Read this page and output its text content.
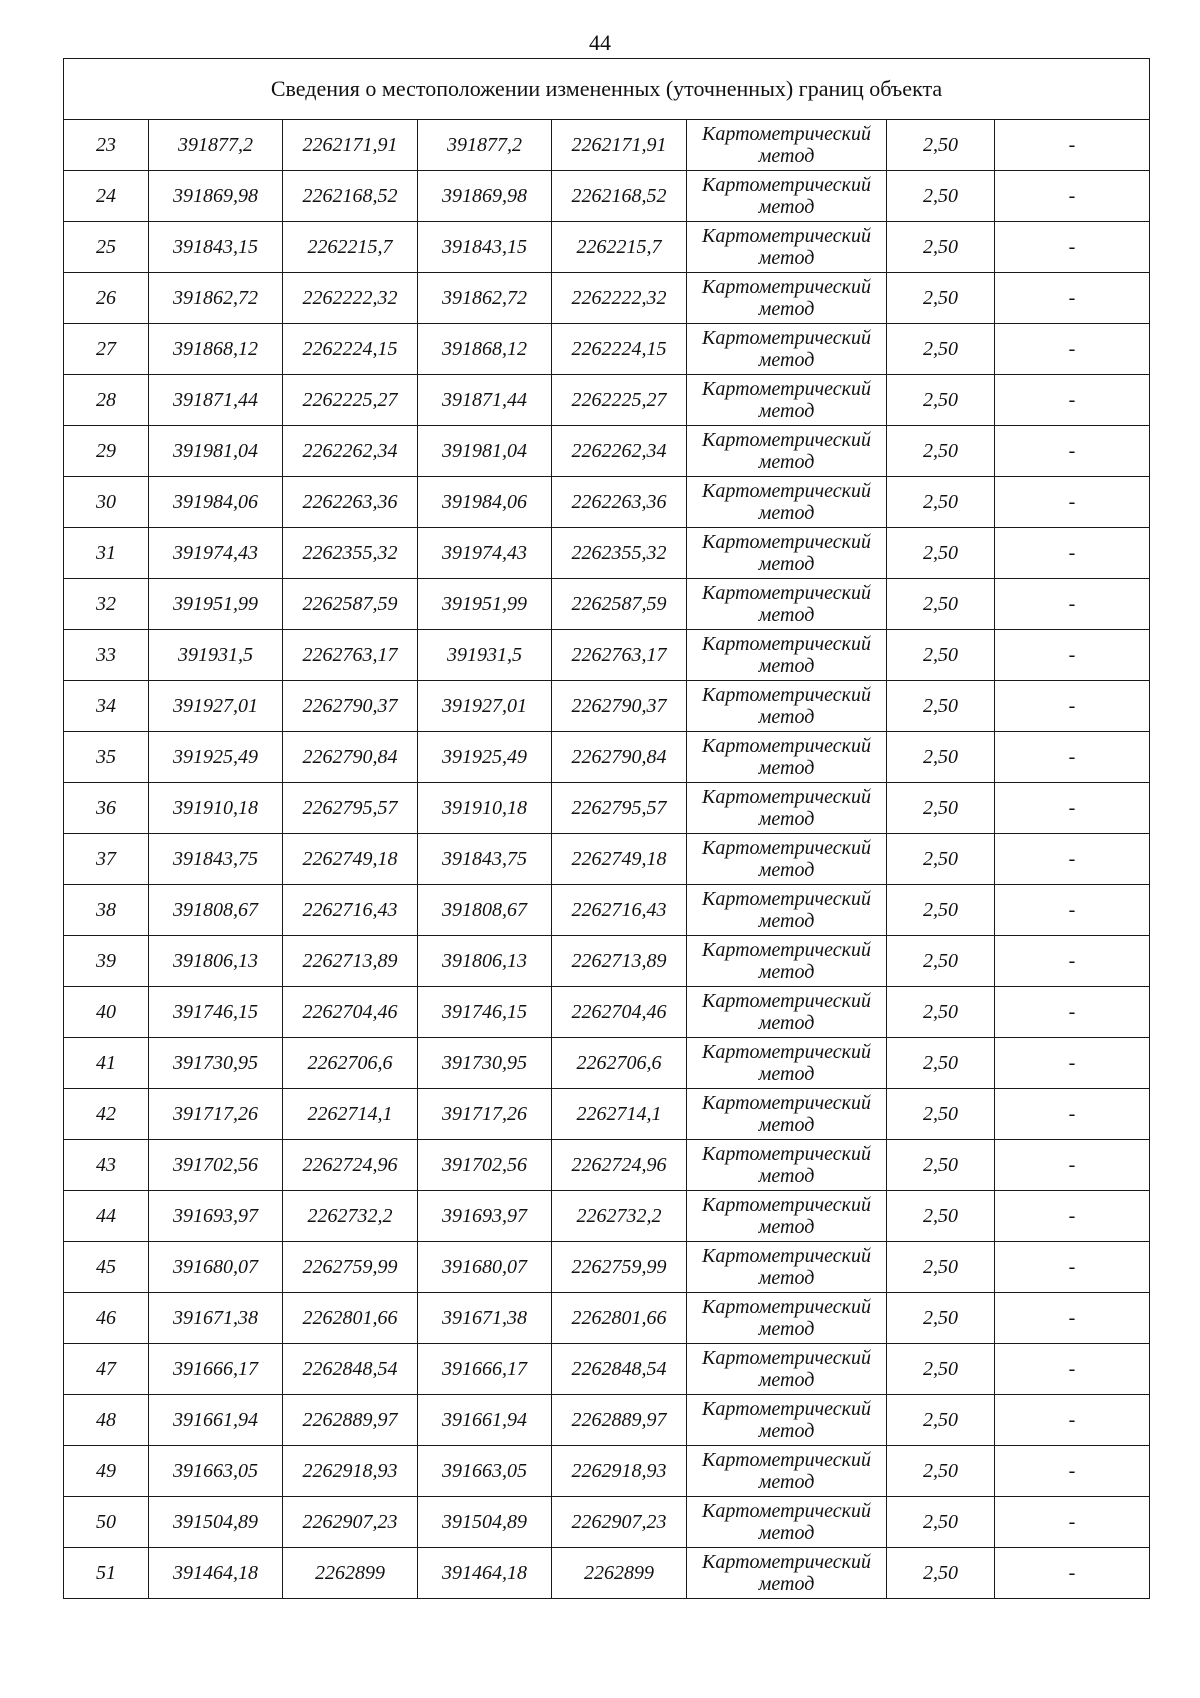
44
Сведения о местоположении измененных (уточненных) границ объекта							
23	391877,2	2262171,91	391877,2	2262171,91	Картометрический
метод	2,50	-
24	391869,98	2262168,52	391869,98	2262168,52	Картометрический
метод	2,50	-
25	391843,15	2262215,7	391843,15	2262215,7	Картометрический
метод	2,50	-
26	391862,72	2262222,32	391862,72	2262222,32	Картометрический
метод	2,50	-
27	391868,12	2262224,15	391868,12	2262224,15	Картометрический
метод	2,50	-
28	391871,44	2262225,27	391871,44	2262225,27	Картометрический
метод	2,50	-
29	391981,04	2262262,34	391981,04	2262262,34	Картометрический
метод	2,50	-
30	391984,06	2262263,36	391984,06	2262263,36	Картометрический
метод	2,50	-
31	391974,43	2262355,32	391974,43	2262355,32	Картометрический
метод	2,50	-
32	391951,99	2262587,59	391951,99	2262587,59	Картометрический
метод	2,50	-
33	391931,5	2262763,17	391931,5	2262763,17	Картометрический
метод	2,50	-
34	391927,01	2262790,37	391927,01	2262790,37	Картометрический
метод	2,50	-
35	391925,49	2262790,84	391925,49	2262790,84	Картометрический
метод	2,50	-
36	391910,18	2262795,57	391910,18	2262795,57	Картометрический
метод	2,50	-
37	391843,75	2262749,18	391843,75	2262749,18	Картометрический
метод	2,50	-
38	391808,67	2262716,43	391808,67	2262716,43	Картометрический
метод	2,50	-
39	391806,13	2262713,89	391806,13	2262713,89	Картометрический
метод	2,50	-
40	391746,15	2262704,46	391746,15	2262704,46	Картометрический
метод	2,50	-
41	391730,95	2262706,6	391730,95	2262706,6	Картометрический
метод	2,50	-
42	391717,26	2262714,1	391717,26	2262714,1	Картометрический
метод	2,50	-
43	391702,56	2262724,96	391702,56	2262724,96	Картометрический
метод	2,50	-
44	391693,97	2262732,2	391693,97	2262732,2	Картометрический
метод	2,50	-
45	391680,07	2262759,99	391680,07	2262759,99	Картометрический
метод	2,50	-
46	391671,38	2262801,66	391671,38	2262801,66	Картометрический
метод	2,50	-
47	391666,17	2262848,54	391666,17	2262848,54	Картометрический
метод	2,50	-
48	391661,94	2262889,97	391661,94	2262889,97	Картометрический
метод	2,50	-
49	391663,05	2262918,93	391663,05	2262918,93	Картометрический
метод	2,50	-
50	391504,89	2262907,23	391504,89	2262907,23	Картометрический
метод	2,50	-
51	391464,18	2262899	391464,18	2262899	Картометрический
метод	2,50	-
